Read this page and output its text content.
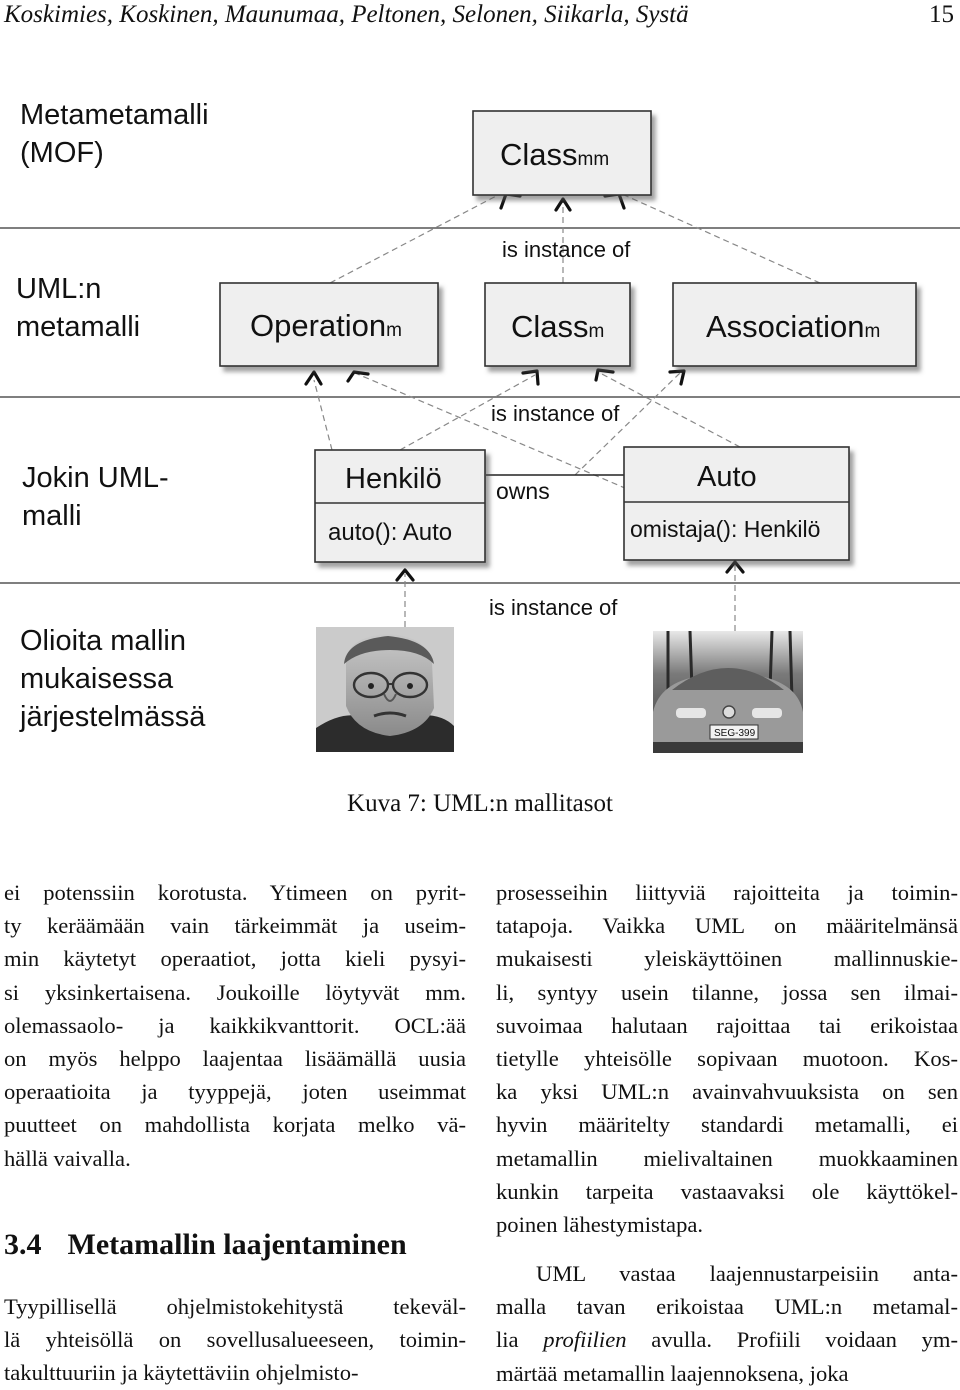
Koskimies, Koskinen, Maunumaa, Peltonen, Selonen, Siikarla, Systä	15
Metametamalli (MOF)
UML:n metamalli
Jokin UML-malli
Olioita mallin mukaisessa järjestelmässä
Classmm
Operationm	Classm	Associationm
Henkilö
auto(): Auto
Auto
omistaja(): Henkilö
is instance of
is instance of
is instance of
owns
SEG-399
Kuva 7: UML:n mallitasot
ei potenssiin korotusta. Ytimeen on pyrit-
ty keräämään vain tärkeimmät ja useim-
min käytetyt operaatiot, jotta kieli pysyi-
si yksinkertaisena. Joukoille löytyvät mm.
olemassaolo- ja kaikkikvanttorit. OCL:ää
on myös helppo laajentaa lisäämällä uusia
operaatioita ja tyyppejä, joten useimmat
puutteet on mahdollista korjata melko vä-
hällä vaivalla.
3.4 Metamallin laajentaminen
Tyypillisellä ohjelmistokehitystä tekeväl-
lä yhteisöllä on sovellusalueeseen, toimin-
takulttuuriin ja käytettäviin ohjelmisto-
prosesseihin liittyviä rajoitteita ja toimin-
tatapoja. Vaikka UML on määritelmänsä
mukaisesti yleiskäyttöinen mallinnuskie-
li, syntyy usein tilanne, jossa sen ilmai-
suvoimaa halutaan rajoittaa tai erikoistaa
tietylle yhteisölle sopivaan muotoon. Kos-
ka yksi UML:n avainvahvuuksista on sen
hyvin määritelty standardi metamalli, ei
metamallin mielivaltainen muokkaaminen
kunkin tarpeita vastaavaksi ole käyttökel-
poinen lähestymistapa.
UML vastaa laajennustarpeisiin anta-
malla tavan erikoistaa UML:n metamal-
lia profiilien avulla. Profiili voidaan ym-
märtää metamallin laajennoksena, joka
